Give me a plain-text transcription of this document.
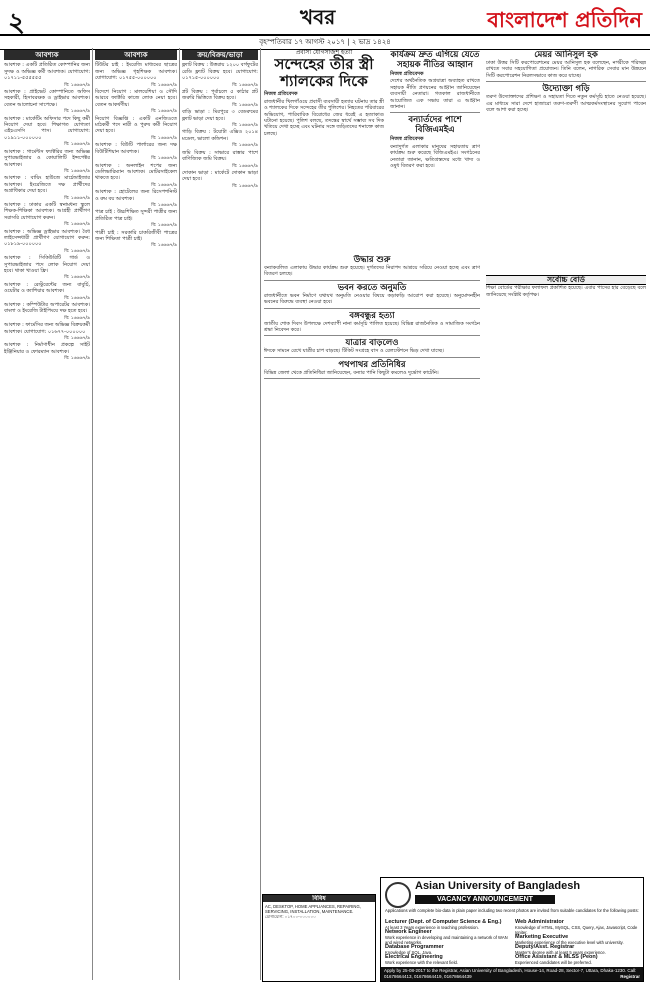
২	খবর	বাংলাদেশ প্রতিদিন
বৃহস্পতিবার ১৭ আগস্ট ২০১৭ | ২ ভাদ্র ১৪২৪
আবশ্যক

আবশ্যক : একটি প্রতিষ্ঠিত কোম্পানির জন্য সুদক্ষ ও অভিজ্ঞ কর্মী আবশ্যক। যোগাযোগ: ০১৭১১-৫৫৫৫৫৫

বি: ১৬৬৬৭/৯

আবশ্যক : প্রাইভেট কোম্পানিতে অফিস সহকারী, হিসাবরক্ষক ও ড্রাইভার আবশ্যক। বেতন আলোচনা সাপেক্ষে।

বি: ১৬৬৬৭/৯

আবশ্যক : মার্কেটিং অফিসার পদে কিছু কর্মী নিয়োগ দেয়া হবে। শিক্ষাগত যোগ্যতা এইচএসসি পাস। যোগাযোগ: ০১৯১১-০০০০০০

বি: ১৬৬৬৭/৯

আবশ্যক : গার্মেন্টস ফ্যাক্টরির জন্য অভিজ্ঞ সুপারভাইজার ও কোয়ালিটি ইন্সপেক্টর আবশ্যক।

বি: ১৬৬৬৭/৯

আবশ্যক : বায়িং হাউজে মার্চেন্ডাইজার আবশ্যক। ইংরেজিতে দক্ষ প্রার্থীদের অগ্রাধিকার দেয়া হবে।

বি: ১৬৬৬৭/৯

আবশ্যক : ঢাকার একটি স্বনামধন্য স্কুলে শিক্ষক-শিক্ষিকা আবশ্যক। আগ্রহী প্রার্থীগণ সরাসরি যোগাযোগ করুন।

বি: ১৬৬৬৭/৯

আবশ্যক : অভিজ্ঞ ড্রাইভার আবশ্যক। বৈধ লাইসেন্সধারী প্রার্থীগণ যোগাযোগ করুন: ০১৮১৯-০০০০০০

বি: ১৬৬৬৭/৯

আবশ্যক : সিকিউরিটি গার্ড ও সুপারভাইজার পদে লোক নিয়োগ দেয়া হবে। থাকা খাওয়া ফ্রি।

বি: ১৬৬৬৭/৯

আবশ্যক : রেস্টুরেন্টের জন্য বাবুর্চি, ওয়েটার ও ক্যাশিয়ার আবশ্যক।

বি: ১৬৬৬৭/৯

আবশ্যক : কম্পিউটার অপারেটর আবশ্যক। বাংলা ও ইংরেজি টাইপিংয়ে দক্ষ হতে হবে।

বি: ১৬৬৬৭/৯

আবশ্যক : ফার্মেসির জন্য অভিজ্ঞ বিক্রয়কর্মী আবশ্যক। যোগাযোগ: ০১৬৭৭-০০০০০০

বি: ১৬৬৬৭/৯

আবশ্যক : নির্মাণাধীন প্রকল্পে সাইট ইঞ্জিনিয়ার ও ফোরম্যান আবশ্যক।

বি: ১৬৬৬৭/৯
আবশ্যক

টিউটর চাই : ইংরেজি মাধ্যমের ছাত্রের জন্য অভিজ্ঞ গৃহশিক্ষক আবশ্যক। যোগাযোগ: ০১৭৫৫-০০০০০০

বি: ১৬৬৬৭/৯

বিদেশে নিয়োগ : মালয়েশিয়া ও সৌদি আরবে ফ্যাক্টরি কাজে লোক নেয়া হবে। বেতন আকর্ষণীয়।

বি: ১৬৬৬৭/৯

নিয়োগ বিজ্ঞপ্তি : একটি এনজিওতে মাঠকর্মী পদে নারী ও পুরুষ কর্মী নিয়োগ দেয়া হবে।

বি: ১৬৬৬৭/৯

আবশ্যক : বিউটি পার্লারের জন্য দক্ষ বিউটিশিয়ান আবশ্যক।

বি: ১৬৬৬৭/৯

আবশ্যক : অনলাইন শপের জন্য ডেলিভারিম্যান আবশ্যক। মোটরসাইকেল থাকতে হবে।

বি: ১৬৬৬৭/৯

আবশ্যক : হোটেলের জন্য রিসেপশনিস্ট ও রুম বয় আবশ্যক।

বি: ১৬৬৬৭/৯

পাত্র চাই : উচ্চশিক্ষিত সুন্দরী পাত্রীর জন্য প্রতিষ্ঠিত পাত্র চাই।

বি: ১৬৬৬৭/৯

পাত্রী চাই : সরকারি চাকরিজীবী পাত্রের জন্য শিক্ষিতা পাত্রী চাই।

বি: ১৬৬৬৭/৯
ক্রয়/বিক্রয়/ভাড়া

ফ্ল্যাট বিক্রয় : উত্তরায় ১২০০ বর্গফুটের রেডি ফ্ল্যাট বিক্রয় হবে। যোগাযোগ: ০১৭১৫-০০০০০০

বি: ১৬৬৬৭/৯

প্লট বিক্রয় : পূর্বাচলে ৫ কাঠার প্লট জরুরি ভিত্তিতে বিক্রয় হবে।

বি: ১৬৬৬৭/৯

বাড়ি ভাড়া : মিরপুরে ৩ বেডরুমের ফ্ল্যাট ভাড়া দেয়া হবে।

বি: ১৬৬৬৭/৯

গাড়ি বিক্রয় : টয়োটা এক্সিও ২০১৪ মডেল, ভালো কন্ডিশন।

বি: ১৬৬৬৭/৯

জমি বিক্রয় : সাভারে রাস্তার পাশে বাণিজ্যিক জমি বিক্রয়।

বি: ১৬৬৬৭/৯

দোকান ভাড়া : মার্কেটে দোকান ভাড়া দেয়া হবে।

বি: ১৬৬৬৭/৯
প্রবাসী যোগসাজশ হত্যা
সন্দেহের তীর স্ত্রী শ্যালকের দিকে
নিজস্ব প্রতিবেদক
রাজধানীর খিলগাঁওয়ে প্রবাসী ব্যবসায়ী হত্যার ঘটনায় তার স্ত্রী ও শ্যালকের দিকে সন্দেহের তীর পুলিশের। নিহতের পরিবারের অভিযোগ, পারিবারিক বিরোধের জের ধরেই এ হত্যাকাণ্ড ঘটানো হয়েছে। পুলিশ বলছে, তদন্তের স্বার্থে সম্ভাব্য সব দিক খতিয়ে দেখা হচ্ছে এবং ঘটনার সঙ্গে জড়িতদের শনাক্তে কাজ চলছে।
কার্যক্রম দ্রুত এগিয়ে যেতে সহায়ক নীতির আহ্বান
নিজস্ব প্রতিবেদক
দেশের অর্থনৈতিক অগ্রযাত্রা অব্যাহত রাখতে সহায়ক নীতি প্রণয়নের আহ্বান জানিয়েছেন ব্যবসায়ী নেতারা। গতকাল রাজধানীতে আয়োজিত এক সভায় তারা এ আহ্বান জানান।
বন্যার্তদের পাশে বিজিএমইএ
নিজস্ব প্রতিবেদক
বন্যাদুর্গত এলাকার মানুষের সহায়তায় ত্রাণ কার্যক্রম শুরু করেছে বিজিএমইএ। সংগঠনের নেতারা জানান, ক্ষতিগ্রস্তদের মধ্যে খাদ্য ও ওষুধ বিতরণ করা হবে।
মেয়র আনিসুল হক
ঢাকা উত্তর সিটি করপোরেশনের মেয়র আনিসুল হক বলেছেন, নগরীকে পরিচ্ছন্ন রাখতে সবার সহযোগিতা প্রয়োজন। তিনি বলেন, নাগরিক সেবার মান উন্নয়নে সিটি করপোরেশন নিরলসভাবে কাজ করে যাচ্ছে।
উদ্যোক্তা গড়ি
তরুণ উদ্যোক্তাদের প্রশিক্ষণ ও সহায়তা দিতে নতুন কর্মসূচি হাতে নেওয়া হয়েছে। এর মাধ্যমে সারা দেশে হাজারো তরুণ-তরুণী আত্মকর্মসংস্থানের সুযোগ পাবেন বলে আশা করা হচ্ছে।
উদ্ধার শুরু
বন্যাকবলিত এলাকায় উদ্ধার কার্যক্রম শুরু হয়েছে। দুর্গতদের নিরাপদ আশ্রয়ে সরিয়ে নেওয়া হচ্ছে এবং ত্রাণ বিতরণ চলছে।
ভবন করতে অনুমতি
রাজধানীতে ভবন নির্মাণে যথাযথ অনুমতি নেওয়ার বিষয়ে কড়াকড়ি আরোপ করা হয়েছে। অনুমোদনহীন ভবনের বিরুদ্ধে ব্যবস্থা নেওয়া হবে।
বঙ্গবন্ধুর হত্যা
জাতীয় শোক দিবস উপলক্ষে দেশব্যাপী নানা কর্মসূচি পালিত হয়েছে। বিভিন্ন রাজনৈতিক ও সামাজিক সংগঠন শ্রদ্ধা নিবেদন করে।
যাত্রার বাড়লেও
ঈদকে সামনে রেখে যাত্রীর চাপ বাড়ছে। টিকিট সংগ্রহে বাস ও রেলস্টেশনে ভিড় দেখা যাচ্ছে।
পথপাথর প্রতিনিধির
বিভিন্ন জেলা থেকে প্রতিনিধিরা জানিয়েছেন, বন্যার পানি কিছুটা কমলেও দুর্ভোগ কাটেনি।
সর্বোচ্চ বোর্ড
শিক্ষা বোর্ডের পরীক্ষার ফলাফল প্রকাশিত হয়েছে। এবার পাসের হার বেড়েছে বলে জানিয়েছে সংশ্লিষ্ট কর্তৃপক্ষ।
বিবিধ
AC, DESKTOP, HOME APPLIANCES, REPAIRING, SERVICING, INSTALLATION, MAINTENANCE. যোগাযোগ: ০১৭০০-০০০০০০
Asian University of Bangladesh
VACANCY ANNOUNCEMENT
Applications with complete bio-data in plain paper including two recent photos are invited from suitable candidates for the following posts:
Lecturer (Dept. of Computer Science & Eng.)
At least 3 Years experience in teaching profession.
Network Engineer
Work experience in developing and maintaining a network of WAN and wired networks.
Database Programmer
Knowledge of SQL, Java.
Electrical Engineering
Work experience with the relevant field.
Web Administrator
Knowledge of HTML, MySQL, CSS, Query, Ajax, Javascript, Code Igniter.
Marketing Executive
Marketing experience of the executive level with university.
Deputy/Asst. Registrar
Master's degree with at least 5 years experience.
Office Assistant & MLSS (Peon)
Experienced candidates will be preferred.
Apply by 25-08-2017 to the Registrar, Asian University of Bangladesh, House-14, Road-28, Sector-7, Uttara, Dhaka-1230. Call: 01678664413, 01678664419, 01678664439	Registrar
